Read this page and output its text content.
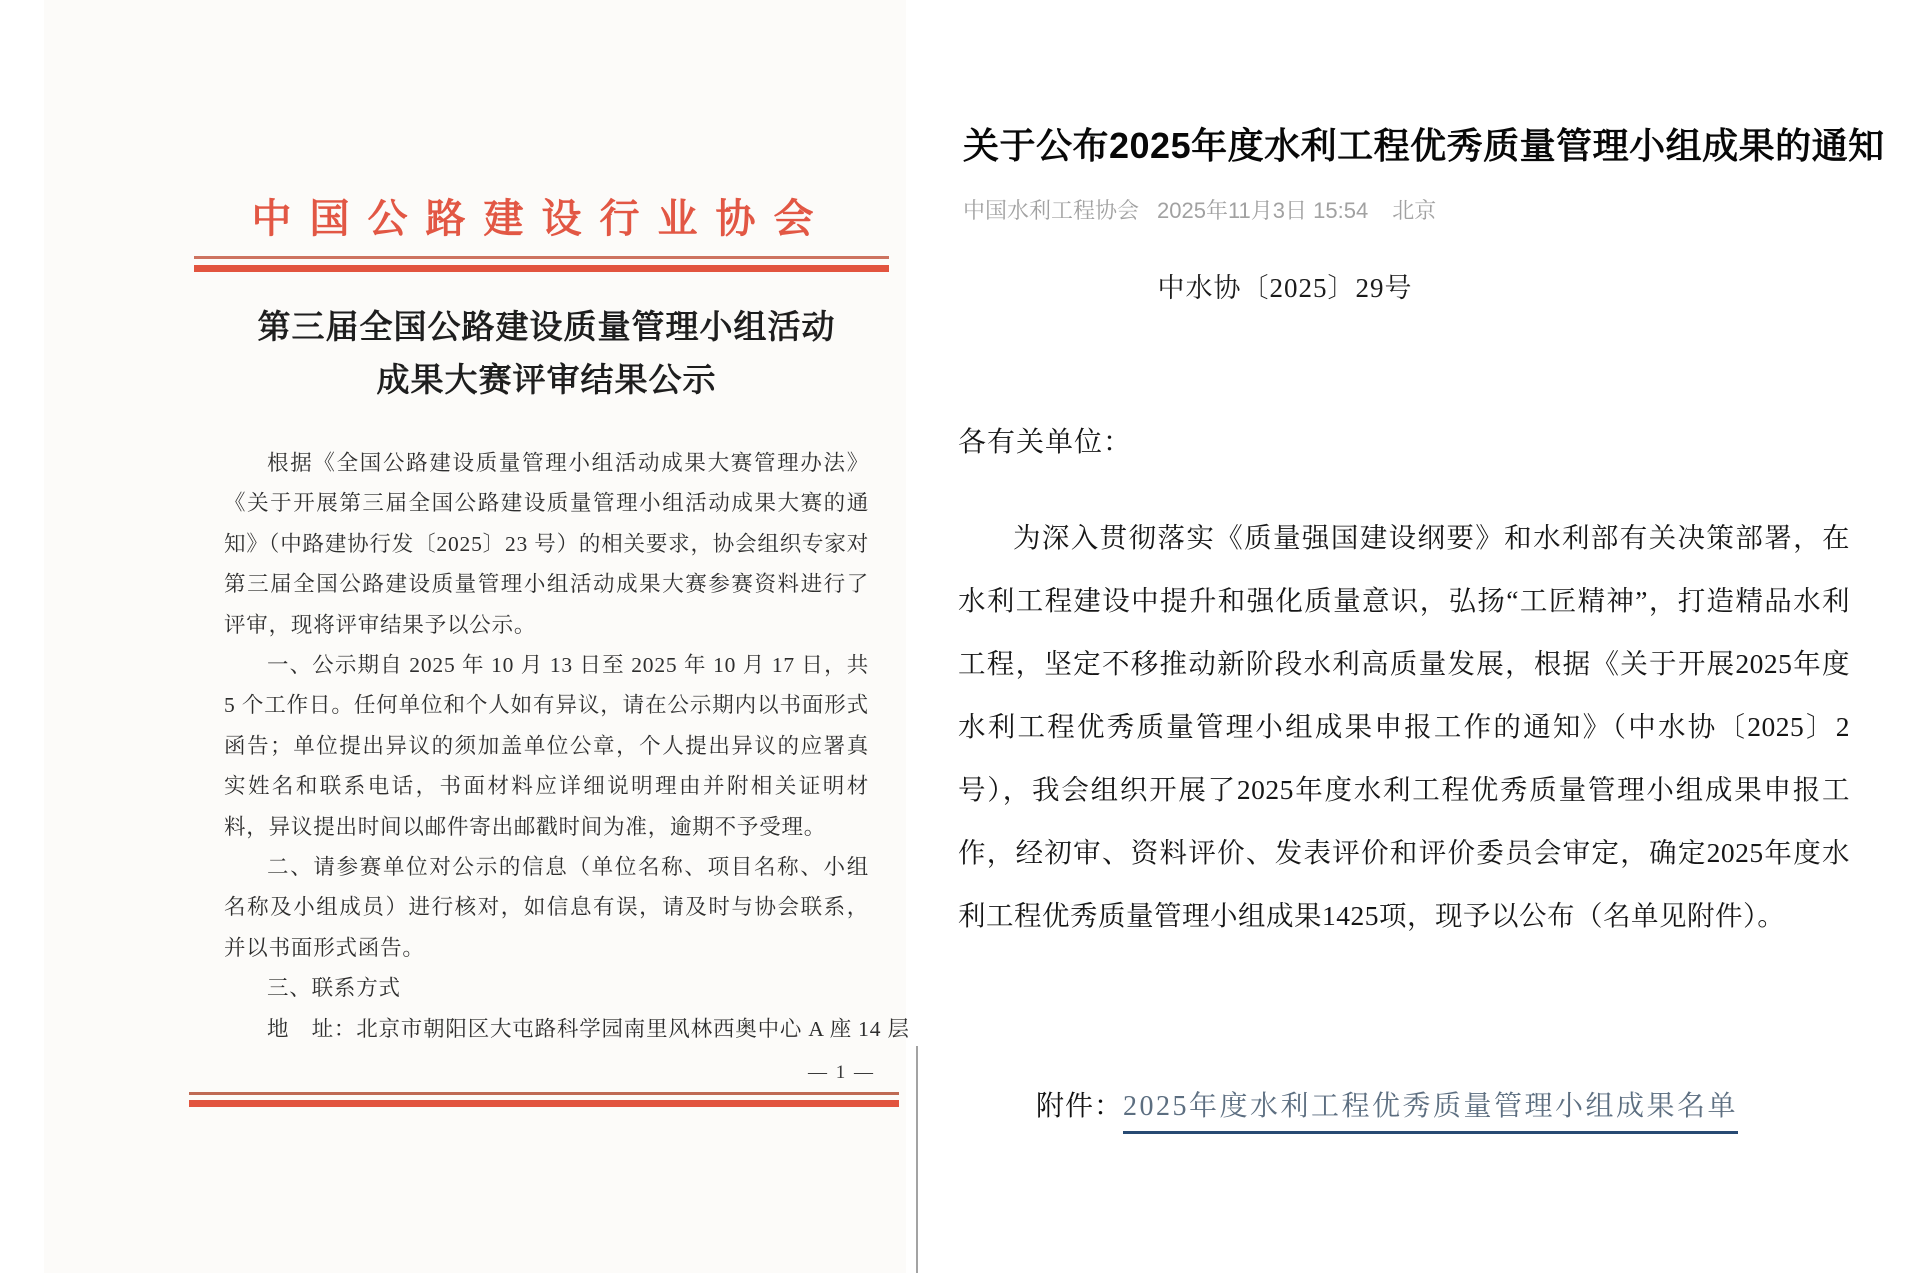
中国公路建设行业协会
第三届全国公路建设质量管理小组活动
成果大赛评审结果公示

根据《全国公路建设质量管理小组活动成果大赛管理办法》《关于开展第三届全国公路建设质量管理小组活动成果大赛的通知》（中路建协行发〔2025〕23 号）的相关要求，协会组织专家对第三届全国公路建设质量管理小组活动成果大赛参赛资料进行了评审，现将评审结果予以公示。

一、公示期自 2025 年 10 月 13 日至 2025 年 10 月 17 日，共 5 个工作日。任何单位和个人如有异议，请在公示期内以书面形式函告；单位提出异议的须加盖单位公章，个人提出异议的应署真实姓名和联系电话，书面材料应详细说明理由并附相关证明材料，异议提出时间以邮件寄出邮戳时间为准，逾期不予受理。

二、请参赛单位对公示的信息（单位名称、项目名称、小组名称及小组成员）进行核对，如信息有误，请及时与协会联系，并以书面形式函告。

三、联系方式

地　址：北京市朝阳区大屯路科学园南里风林西奥中心 A 座 14 层

— 1 —
关于公布2025年度水利工程优秀质量管理小组成果的通知
中国水利工程协会 2025年11月3日 15:54 北京
中水协〔2025〕29号
各有关单位：
为深入贯彻落实《质量强国建设纲要》和水利部有关决策部署，在水利工程建设中提升和强化质量意识，弘扬“工匠精神”，打造精品水利工程，坚定不移推动新阶段水利高质量发展，根据《关于开展2025年度水利工程优秀质量管理小组成果申报工作的通知》（中水协〔2025〕2号），我会组织开展了2025年度水利工程优秀质量管理小组成果申报工作，经初审、资料评价、发表评价和评价委员会审定，确定2025年度水利工程优秀质量管理小组成果1425项，现予以公布（名单见附件）。
附件：2025年度水利工程优秀质量管理小组成果名单
